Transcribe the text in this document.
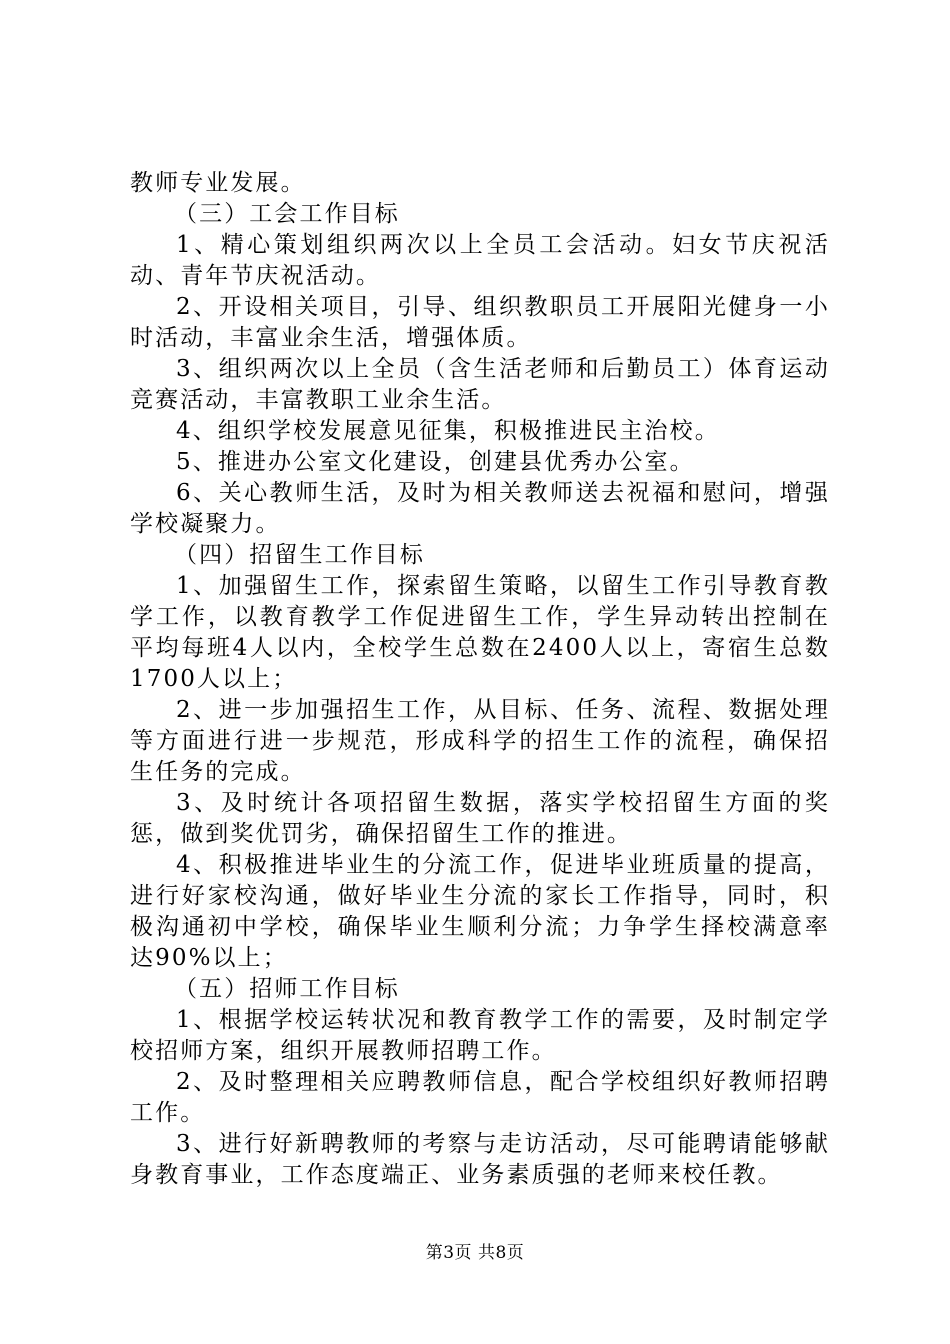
教师专业发展。

（三）工会工作目标

1、精心策划组织两次以上全员工会活动。妇女节庆祝活动、青年节庆祝活动。

2、开设相关项目，引导、组织教职员工开展阳光健身一小时活动，丰富业余生活，增强体质。

3、组织两次以上全员（含生活老师和后勤员工）体育运动竞赛活动，丰富教职工业余生活。

4、组织学校发展意见征集，积极推进民主治校。

5、推进办公室文化建设，创建县优秀办公室。

6、关心教师生活，及时为相关教师送去祝福和慰问，增强学校凝聚力。

（四）招留生工作目标

1、加强留生工作，探索留生策略，以留生工作引导教育教学工作，以教育教学工作促进留生工作，学生异动转出控制在平均每班4人以内，全校学生总数在2400人以上，寄宿生总数1700人以上；

2、进一步加强招生工作，从目标、任务、流程、数据处理等方面进行进一步规范，形成科学的招生工作的流程，确保招生任务的完成。

3、及时统计各项招留生数据，落实学校招留生方面的奖惩，做到奖优罚劣，确保招留生工作的推进。

4、积极推进毕业生的分流工作，促进毕业班质量的提高，进行好家校沟通，做好毕业生分流的家长工作指导，同时，积极沟通初中学校，确保毕业生顺利分流；力争学生择校满意率达90%以上；

（五）招师工作目标

1、根据学校运转状况和教育教学工作的需要，及时制定学校招师方案，组织开展教师招聘工作。

2、及时整理相关应聘教师信息，配合学校组织好教师招聘工作。

3、进行好新聘教师的考察与走访活动，尽可能聘请能够献身教育事业，工作态度端正、业务素质强的老师来校任教。

第3页 共8页
